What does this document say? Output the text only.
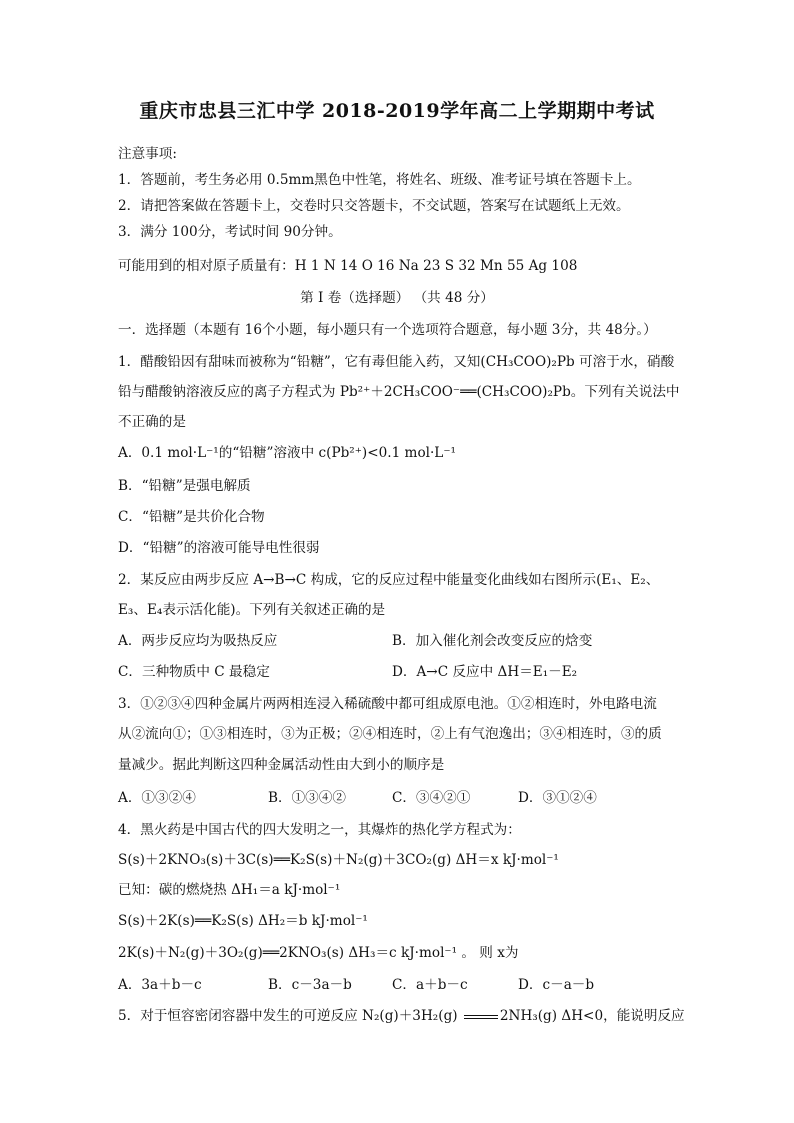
重庆市忠县三汇中学 2018-2019学年高二上学期期中考试
注意事项:
1．答题前，考生务必用 0.5mm黑色中性笔，将姓名、班级、准考证号填在答题卡上。
2．请把答案做在答题卡上，交卷时只交答题卡，不交试题，答案写在试题纸上无效。
3．满分 100分，考试时间 90分钟。
可能用到的相对原子质量有：H 1 N 14 O 16 Na 23 S 32 Mn 55 Ag 108
第 I 卷（选择题） （共 48 分）
一．选择题（本题有 16个小题，每小题只有一个选项符合题意，每小题 3分，共 48分。）
1．醋酸铅因有甜味而被称为“铅糖”，它有毒但能入药，又知(CH₃COO)₂Pb 可溶于水，硝酸
铅与醋酸钠溶液反应的离子方程式为 Pb²⁺＋2CH₃COO⁻══(CH₃COO)₂Pb。下列有关说法中
不正确的是
A．0.1 mol·L⁻¹的“铅糖”溶液中 c(Pb²⁺)<0.1 mol·L⁻¹
B．“铅糖”是强电解质
C．“铅糖”是共价化合物
D．“铅糖”的溶液可能导电性很弱
2．某反应由两步反应 A→B→C 构成，它的反应过程中能量变化曲线如右图所示(E₁、E₂、
E₃、E₄表示活化能)。下列有关叙述正确的是
A．两步反应均为吸热反应	B．加入催化剂会改变反应的焓变
C．三种物质中 C 最稳定	D．A→C 反应中 ΔH＝E₁－E₂
3．①②③④四种金属片两两相连浸入稀硫酸中都可组成原电池。①②相连时，外电路电流
从②流向①；①③相连时，③为正极；②④相连时，②上有气泡逸出；③④相连时，③的质
量减少。据此判断这四种金属活动性由大到小的顺序是
A．①③②④	B．①③④②	C．③④②①	D．③①②④
4．黑火药是中国古代的四大发明之一，其爆炸的热化学方程式为：
S(s)＋2KNO₃(s)＋3C(s)══K₂S(s)＋N₂(g)＋3CO₂(g) ΔH＝x kJ·mol⁻¹
已知：碳的燃烧热 ΔH₁＝a kJ·mol⁻¹
S(s)＋2K(s)══K₂S(s) ΔH₂＝b kJ·mol⁻¹
2K(s)＋N₂(g)＋3O₂(g)══2KNO₃(s) ΔH₃＝c kJ·mol⁻¹ 。 则 x为
A．3a＋b－c	B．c－3a－b	C．a＋b－c	D．c－a－b
5．对于恒容密闭容器中发生的可逆反应 N₂(g)＋3H₂(g)	2NH₃(g) ΔH<0，能说明反应
